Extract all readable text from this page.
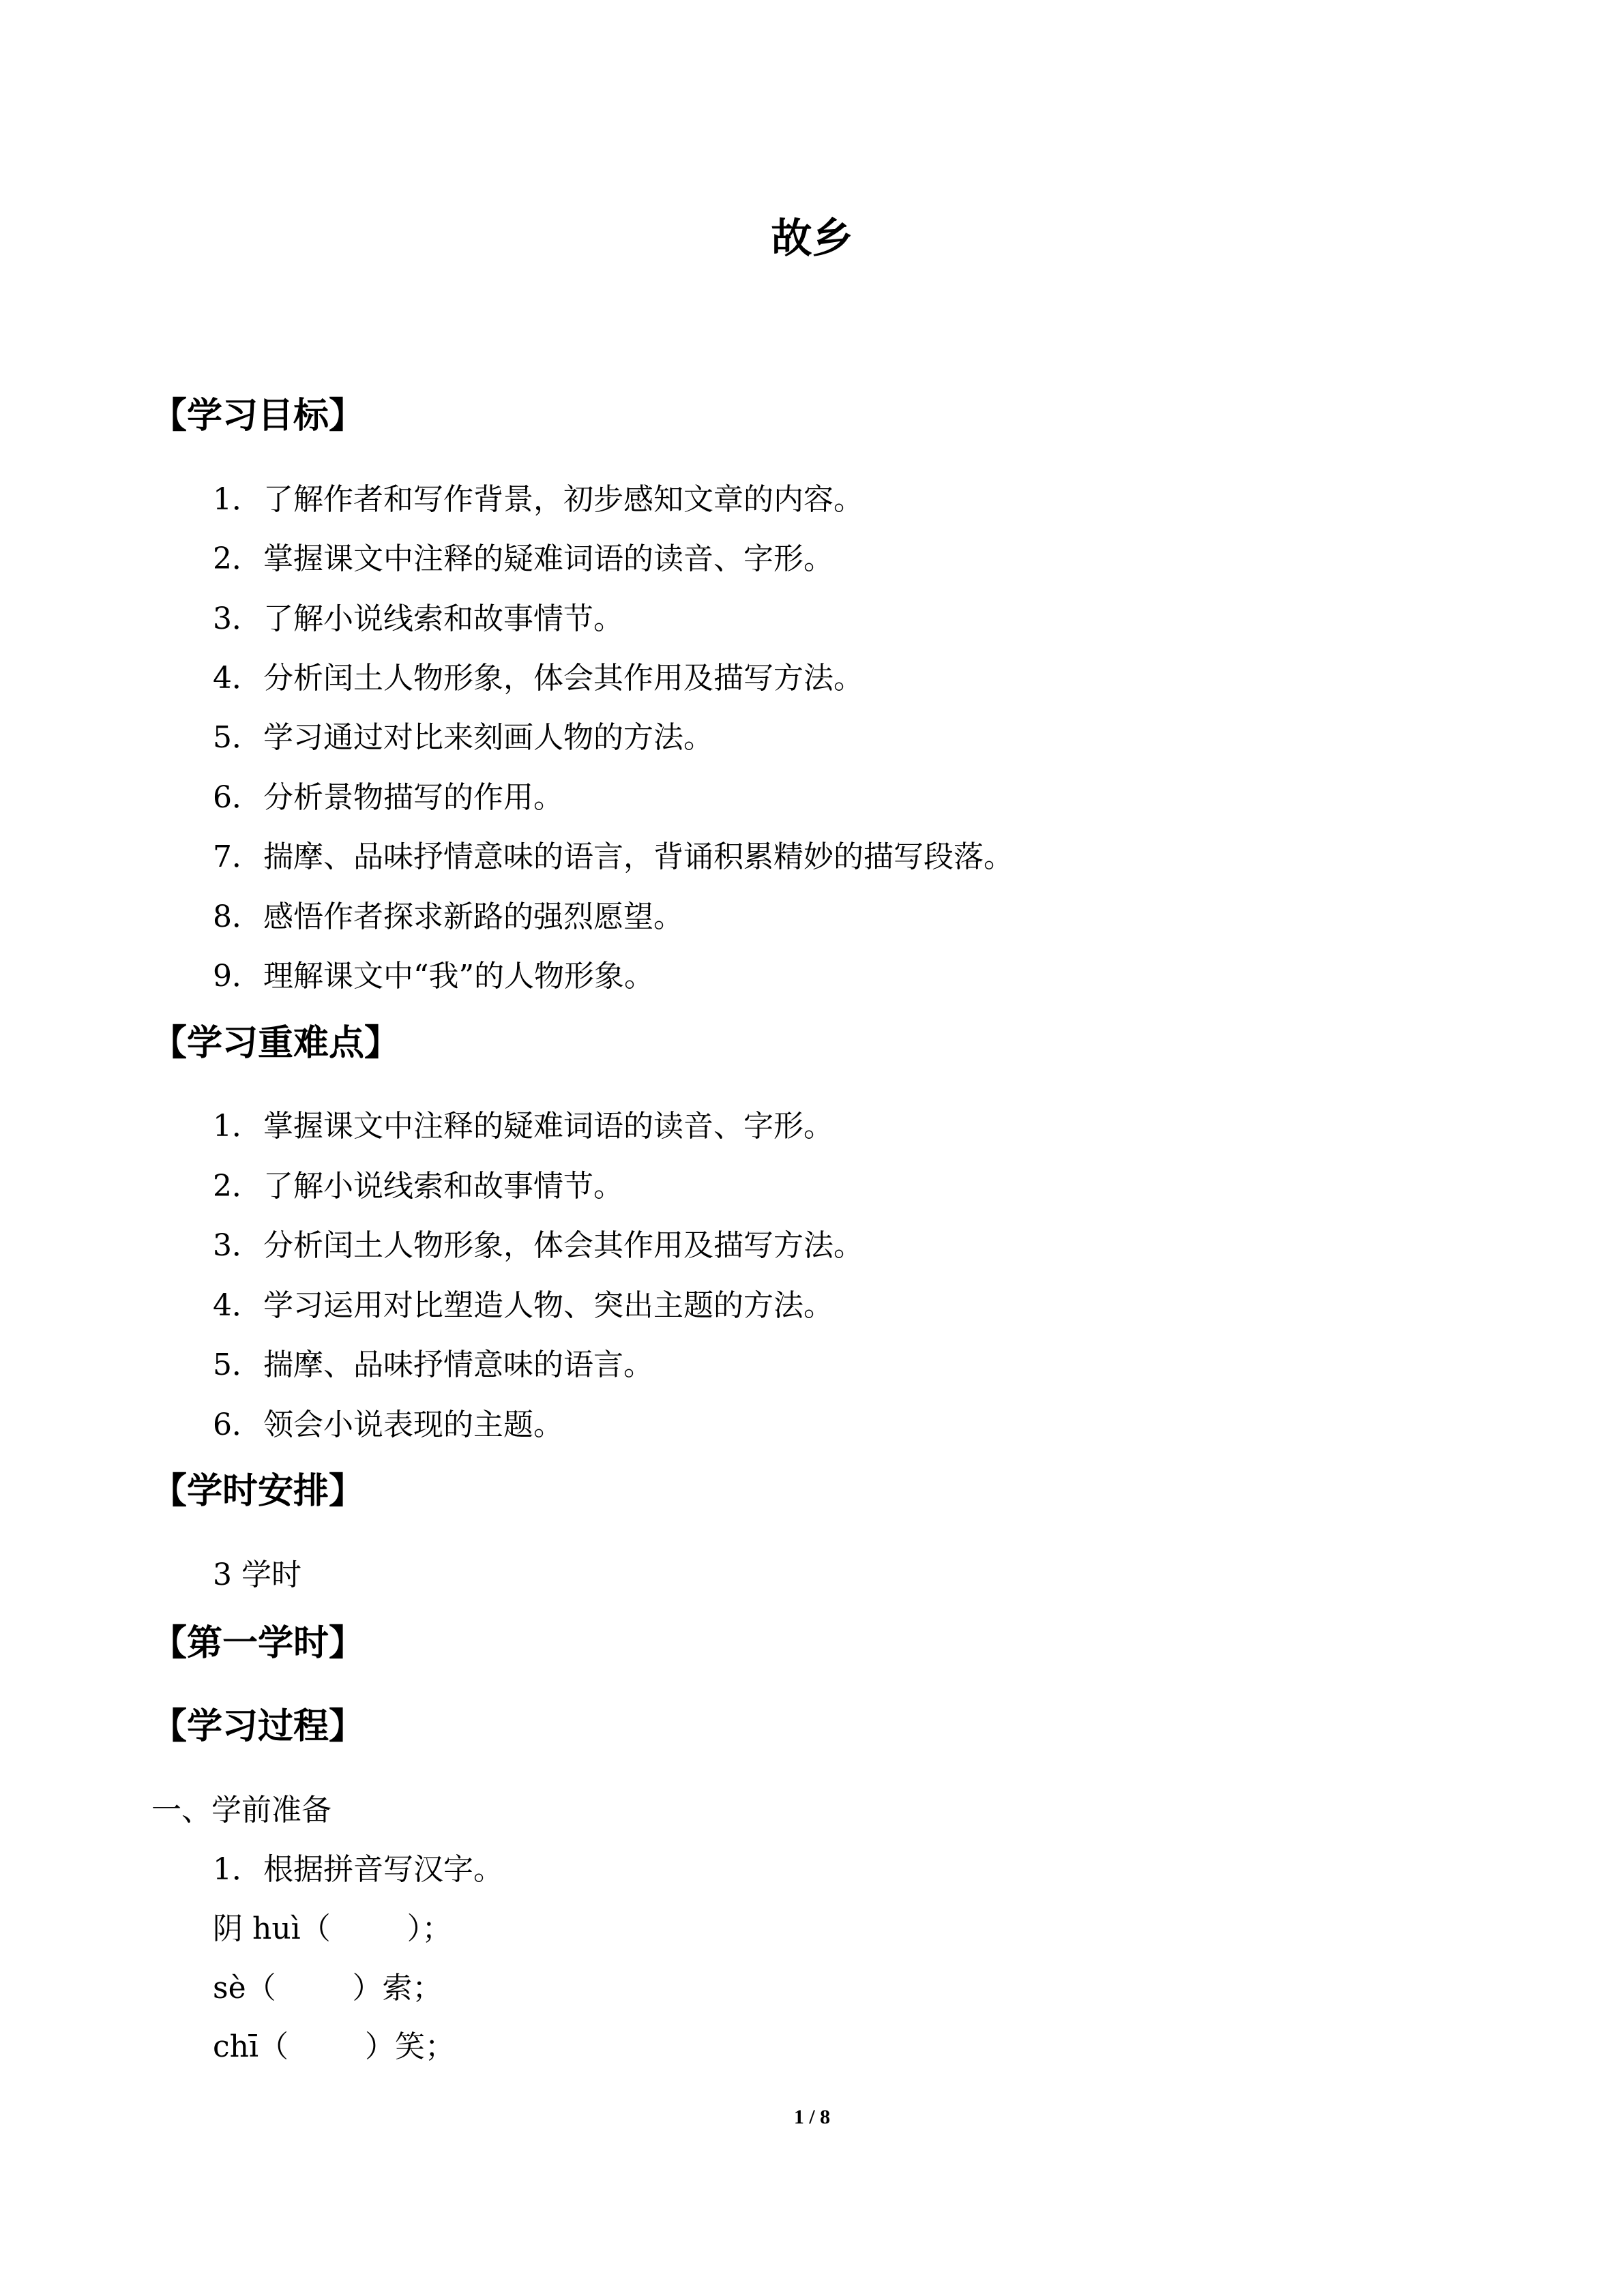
故乡
【学习目标】
1．了解作者和写作背景，初步感知文章的内容。
2．掌握课文中注释的疑难词语的读音、字形。
3．了解小说线索和故事情节。
4．分析闰土人物形象，体会其作用及描写方法。
5．学习通过对比来刻画人物的方法。
6．分析景物描写的作用。
7．揣摩、品味抒情意味的语言，背诵积累精妙的描写段落。
8．感悟作者探求新路的强烈愿望。
9．理解课文中“我”的人物形象。
【学习重难点】
1．掌握课文中注释的疑难词语的读音、字形。
2．了解小说线索和故事情节。
3．分析闰土人物形象，体会其作用及描写方法。
4．学习运用对比塑造人物、突出主题的方法。
5．揣摩、品味抒情意味的语言。
6．领会小说表现的主题。
【学时安排】
3 学时
【第一学时】
【学习过程】
一、学前准备
1．根据拼音写汉字。
阴 huì（        ）；
sè（        ）索；
chī（        ）笑；
1 / 8
